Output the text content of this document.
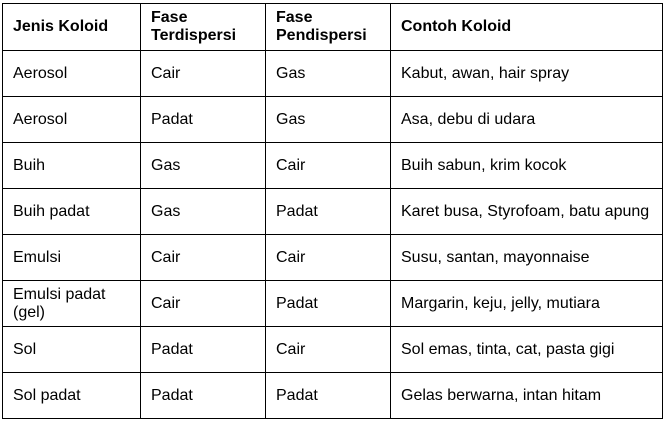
Jenis Koloid	Fase Terdispersi	Fase Pendispersi	Contoh Koloid
Aerosol	Cair	Gas	Kabut, awan, hair spray
Aerosol	Padat	Gas	Asa, debu di udara
Buih	Gas	Cair	Buih sabun, krim kocok
Buih padat	Gas	Padat	Karet busa, Styrofoam, batu apung
Emulsi	Cair	Cair	Susu, santan, mayonnaise
Emulsi padat (gel)	Cair	Padat	Margarin, keju, jelly, mutiara
Sol	Padat	Cair	Sol emas, tinta, cat, pasta gigi
Sol padat	Padat	Padat	Gelas berwarna, intan hitam
